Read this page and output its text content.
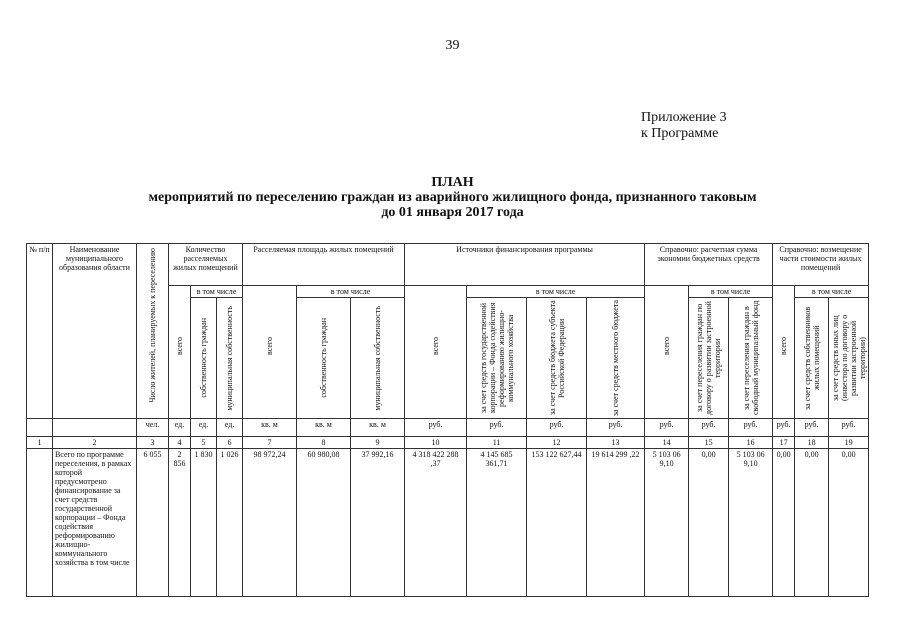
39
Приложение 3
к Программе
ПЛАН
мероприятий по переселению граждан из аварийного жилищного фонда, признанного таковым
до 01 января 2017 года
№ п/п	Наименование муниципального образования области	Число жителей, планируемых к переселению	Количество расселяемых жилых помещений			Расселяемая площадь жилых помещений			Источники финансирования программы				Справочно: расчетная сумма экономии бюджетных средств			Справочно: возмещение части стоимости жилых помещений		

			всего	в том числе		всего	в том числе		всего	в том числе			всего	в том числе		всего	в том числе	

				собственность граждан	муниципальная собственность		собственность граждан	муниципальная собственность		за счет средств государственной корпорации – Фонда содействия реформированию жилищно-коммунального хозяйства	за счет средств бюджета субъекта Российской Федерации	за счет средств местного бюджета		за счет переселения граждан по договору о развитии застроенной территории	за счет переселения граждан в свободный муниципальный фонд		за счет средств собственников жилых помещений	за счет средств иных лиц (инвестора по договору о развитии застроенной территории)

		чел.	ед.	ед.	ед.	кв. м	кв. м	кв. м	руб.	руб.	руб.	руб.	руб.	руб.	руб.	руб.	руб.	руб.
1	2	3	4	5	6	7	8	9	10	11	12	13	14	15	16	17	18	19
	Всего по программе переселения, в рамках которой предусмотрено финансирование за счет средств государственной корпорации – Фонда содействия реформированию жилищно-коммунального хозяйства в том числе	6 055	2 856	1 830	1 026	98 972,24	60 980,08	37 992,16	4 318 422 288 ,37	4 145 685 361,71	153 122 627,44	19 614 299 ,22	5 103 06 9,10	0,00	5 103 06 9,10	0,00	0,00	0,00
